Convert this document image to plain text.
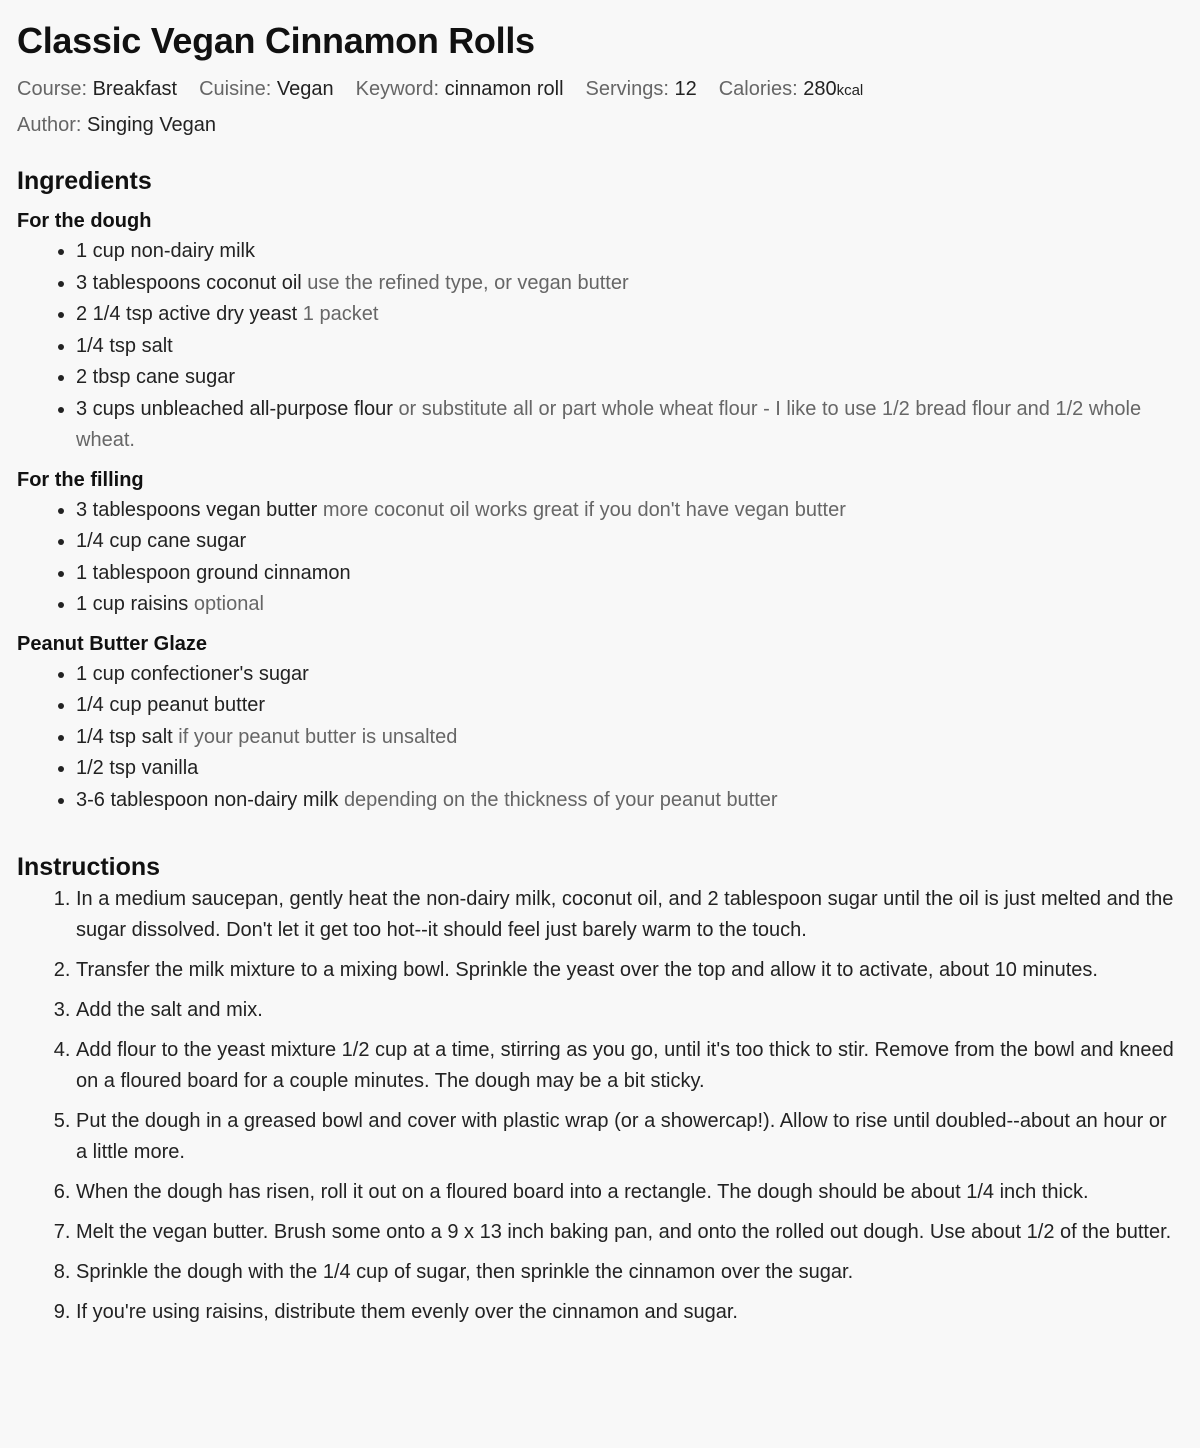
Classic Vegan Cinnamon Rolls
Course: Breakfast Cuisine: Vegan Keyword: cinnamon roll Servings: 12 Calories: 280kcal
Author: Singing Vegan
Ingredients
For the dough
• 1 cup non-dairy milk
• 3 tablespoons coconut oil use the refined type, or vegan butter
• 2 1/4 tsp active dry yeast 1 packet
• 1/4 tsp salt
• 2 tbsp cane sugar
• 3 cups unbleached all-purpose flour or substitute all or part whole wheat flour - I like to use 1/2 bread flour and 1/2 whole wheat.
For the filling
• 3 tablespoons vegan butter more coconut oil works great if you don't have vegan butter
• 1/4 cup cane sugar
• 1 tablespoon ground cinnamon
• 1 cup raisins optional
Peanut Butter Glaze
• 1 cup confectioner's sugar
• 1/4 cup peanut butter
• 1/4 tsp salt if your peanut butter is unsalted
• 1/2 tsp vanilla
• 3-6 tablespoon non-dairy milk depending on the thickness of your peanut butter
Instructions
1. In a medium saucepan, gently heat the non-dairy milk, coconut oil, and 2 tablespoon sugar until the oil is just melted and the sugar dissolved. Don't let it get too hot--it should feel just barely warm to the touch.
2. Transfer the milk mixture to a mixing bowl. Sprinkle the yeast over the top and allow it to activate, about 10 minutes.
3. Add the salt and mix.
4. Add flour to the yeast mixture 1/2 cup at a time, stirring as you go, until it's too thick to stir. Remove from the bowl and kneed on a floured board for a couple minutes. The dough may be a bit sticky.
5. Put the dough in a greased bowl and cover with plastic wrap (or a showercap!). Allow to rise until doubled--about an hour or a little more.
6. When the dough has risen, roll it out on a floured board into a rectangle. The dough should be about 1/4 inch thick.
7. Melt the vegan butter. Brush some onto a 9 x 13 inch baking pan, and onto the rolled out dough. Use about 1/2 of the butter.
8. Sprinkle the dough with the 1/4 cup of sugar, then sprinkle the cinnamon over the sugar.
9. If you're using raisins, distribute them evenly over the cinnamon and sugar.
